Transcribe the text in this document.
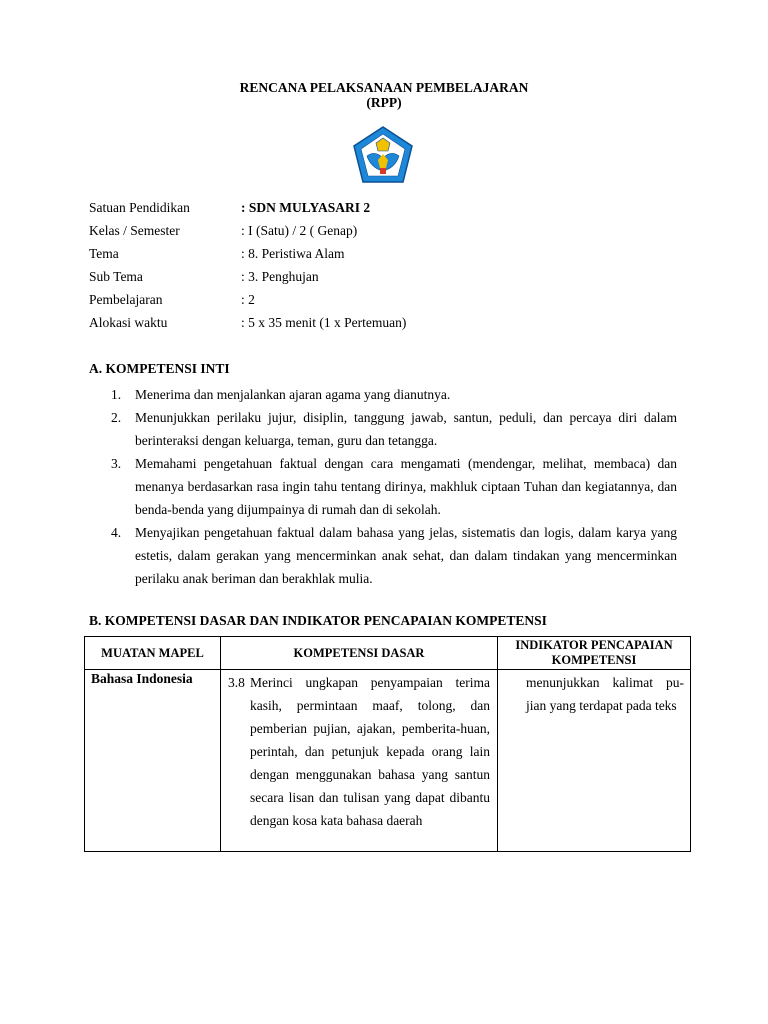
RENCANA PELAKSANAAN PEMBELAJARAN
(RPP)
Satuan Pendidikan	: SDN MULYASARI 2
Kelas / Semester	: I (Satu) / 2 ( Genap)
Tema	: 8. Peristiwa Alam
Sub Tema	: 3. Penghujan
Pembelajaran	: 2
Alokasi waktu	: 5 x 35 menit (1 x Pertemuan)
A. KOMPETENSI INTI
1. Menerima dan menjalankan ajaran agama yang dianutnya.
2. Menunjukkan perilaku jujur, disiplin, tanggung jawab, santun, peduli, dan percaya diri dalam berinteraksi dengan keluarga, teman, guru dan tetangga.
3. Memahami pengetahuan faktual dengan cara mengamati (mendengar, melihat, membaca) dan menanya berdasarkan rasa ingin tahu tentang dirinya, makhluk ciptaan Tuhan dan kegiatannya, dan benda-benda yang dijumpainya di rumah dan di sekolah.
4. Menyajikan pengetahuan faktual dalam bahasa yang jelas, sistematis dan logis, dalam karya yang estetis, dalam gerakan yang mencerminkan anak sehat, dan dalam tindakan yang mencerminkan perilaku anak beriman dan berakhlak mulia.
B. KOMPETENSI DASAR DAN INDIKATOR PENCAPAIAN KOMPETENSI
MUATAN MAPEL	KOMPETENSI DASAR	INDIKATOR PENCAPAIAN KOMPETENSI
Bahasa Indonesia	3.8 Merinci ungkapan penyampaian terima kasih, permintaan maaf, tolong, dan pemberian pujian, ajakan, pemberita-huan, perintah, dan petunjuk kepada orang lain dengan menggunakan bahasa yang santun secara lisan dan tulisan yang dapat dibantu dengan kosa kata bahasa daerah	menunjukkan kalimat pu-jian yang terdapat pada teks
